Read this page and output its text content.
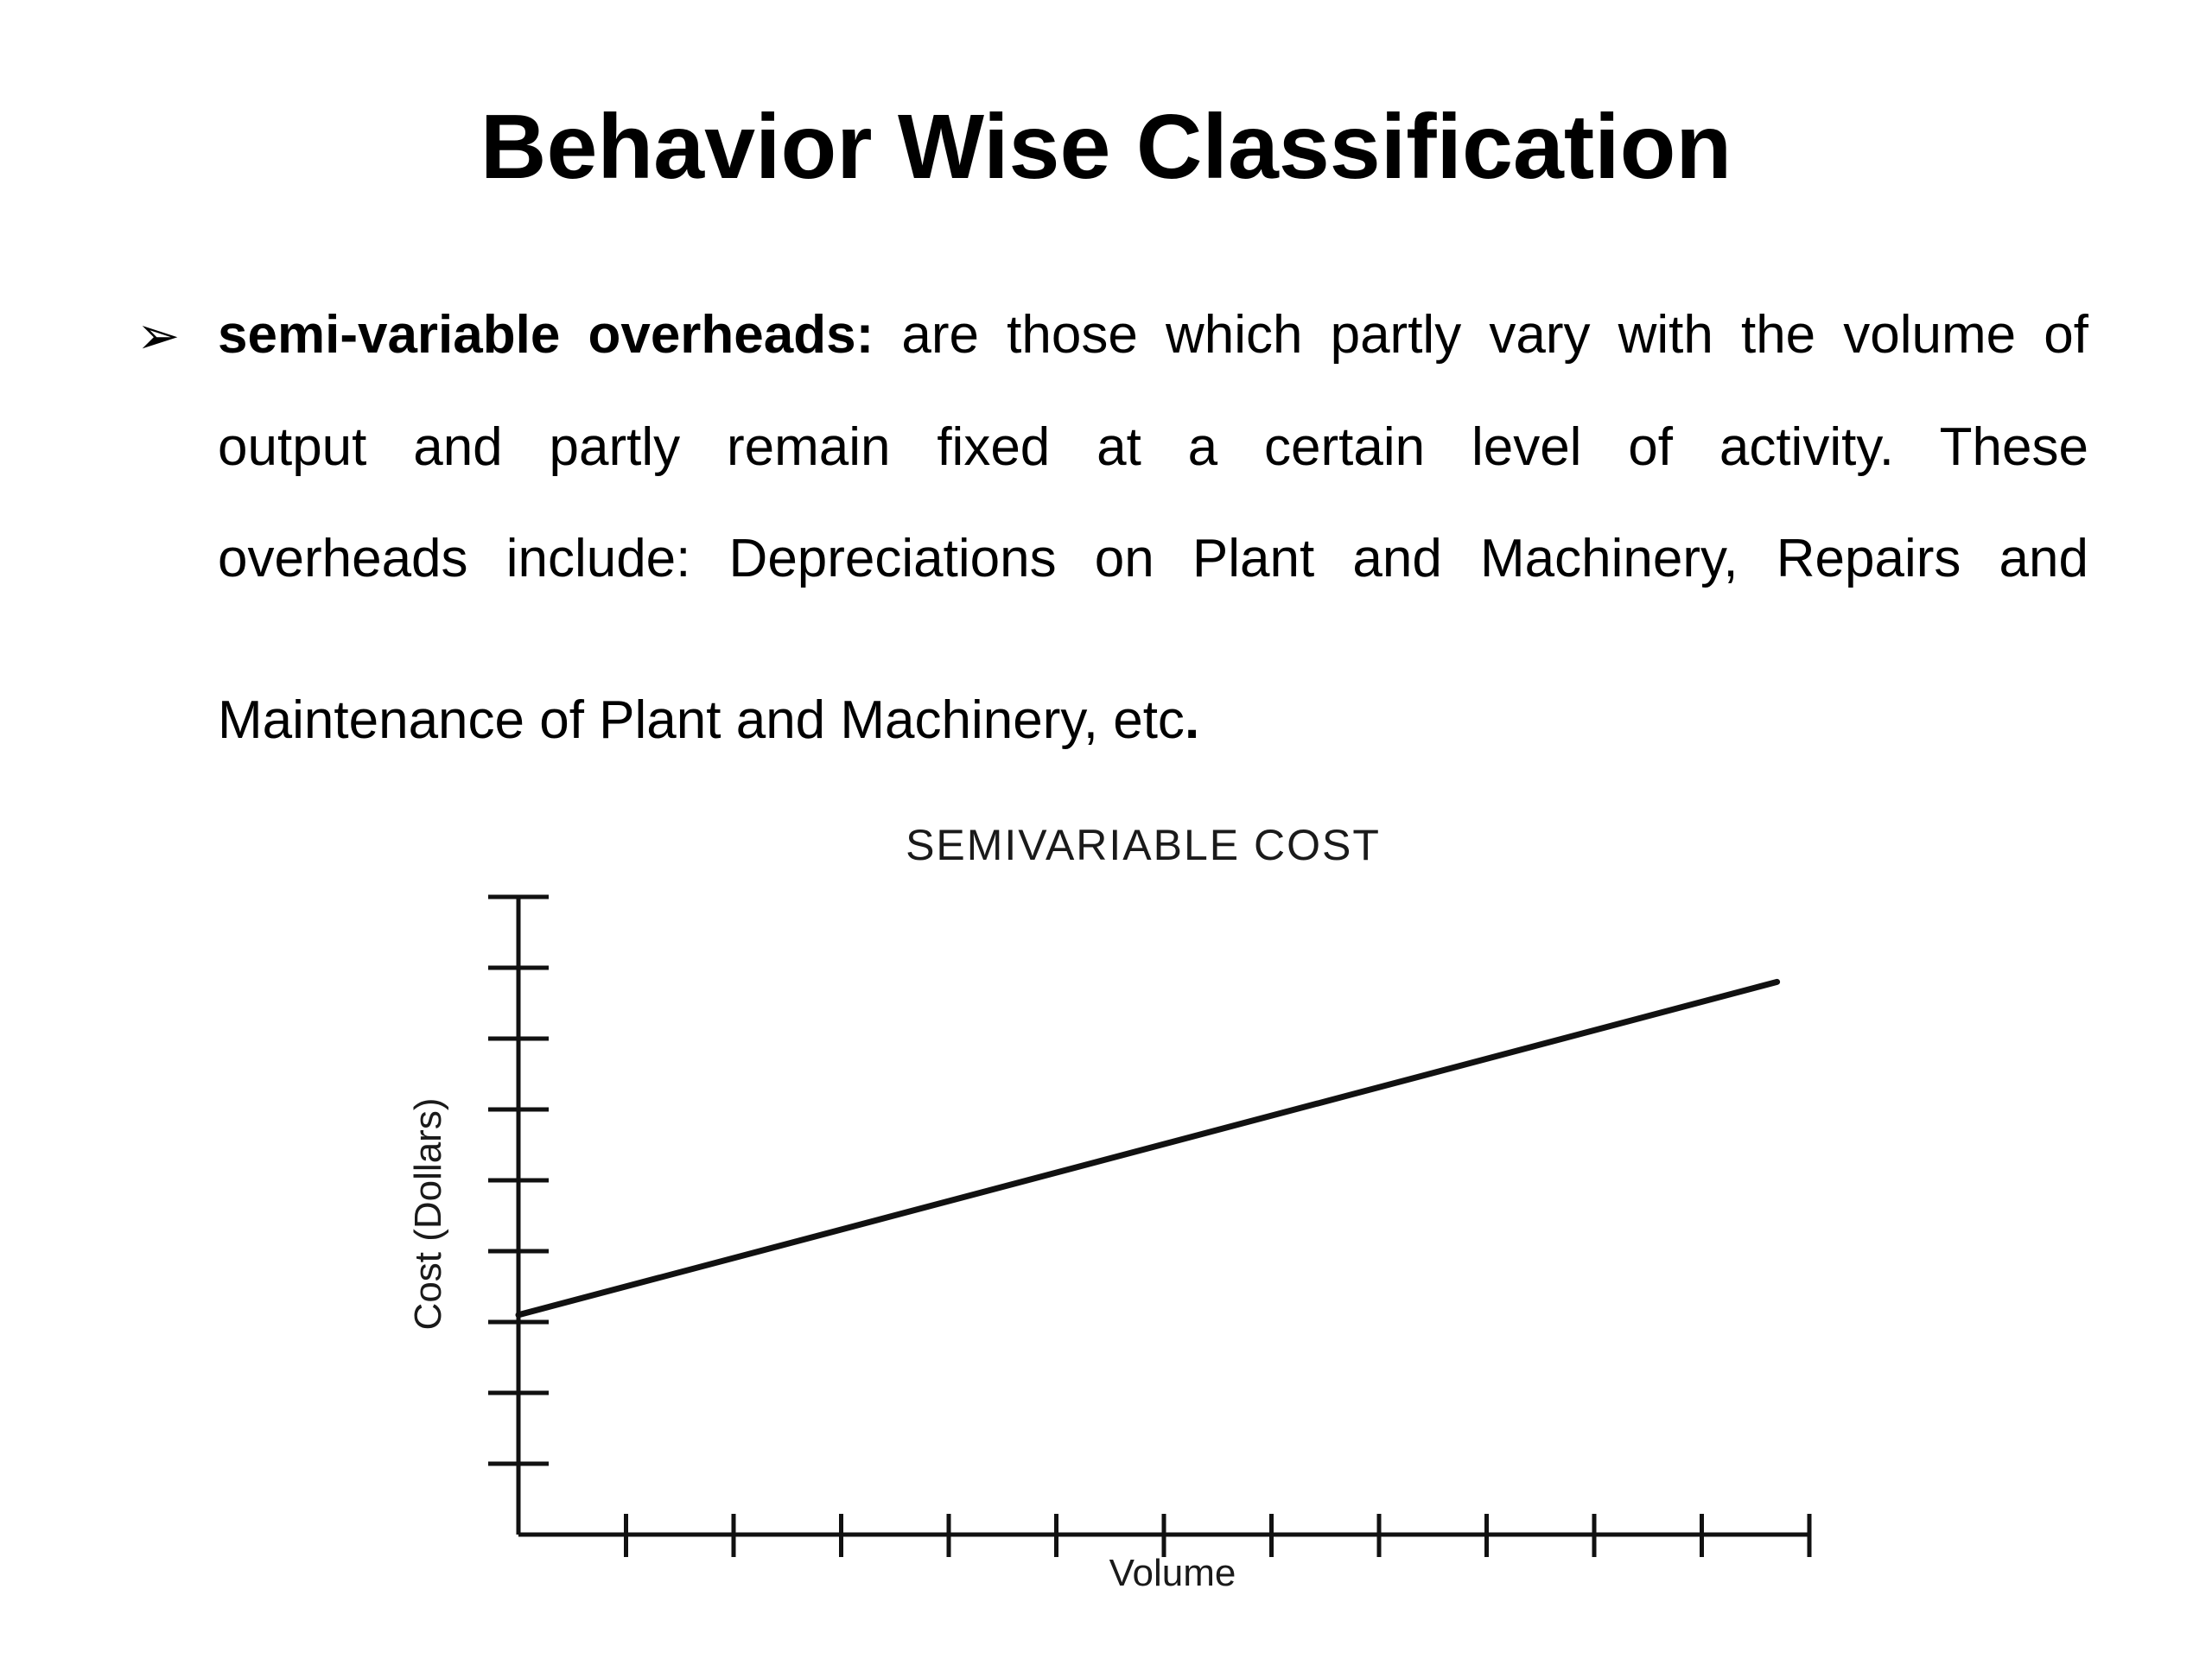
Behavior Wise Classification
➢ semi-variable overheads: are those which partly vary with the volume of
output and partly remain fixed at a certain level of activity. These
overheads include: Depreciations on Plant and Machinery, Repairs and
Maintenance of Plant and Machinery, etc.
SEMIVARIABLE COST
Volume
Cost (Dollars)
